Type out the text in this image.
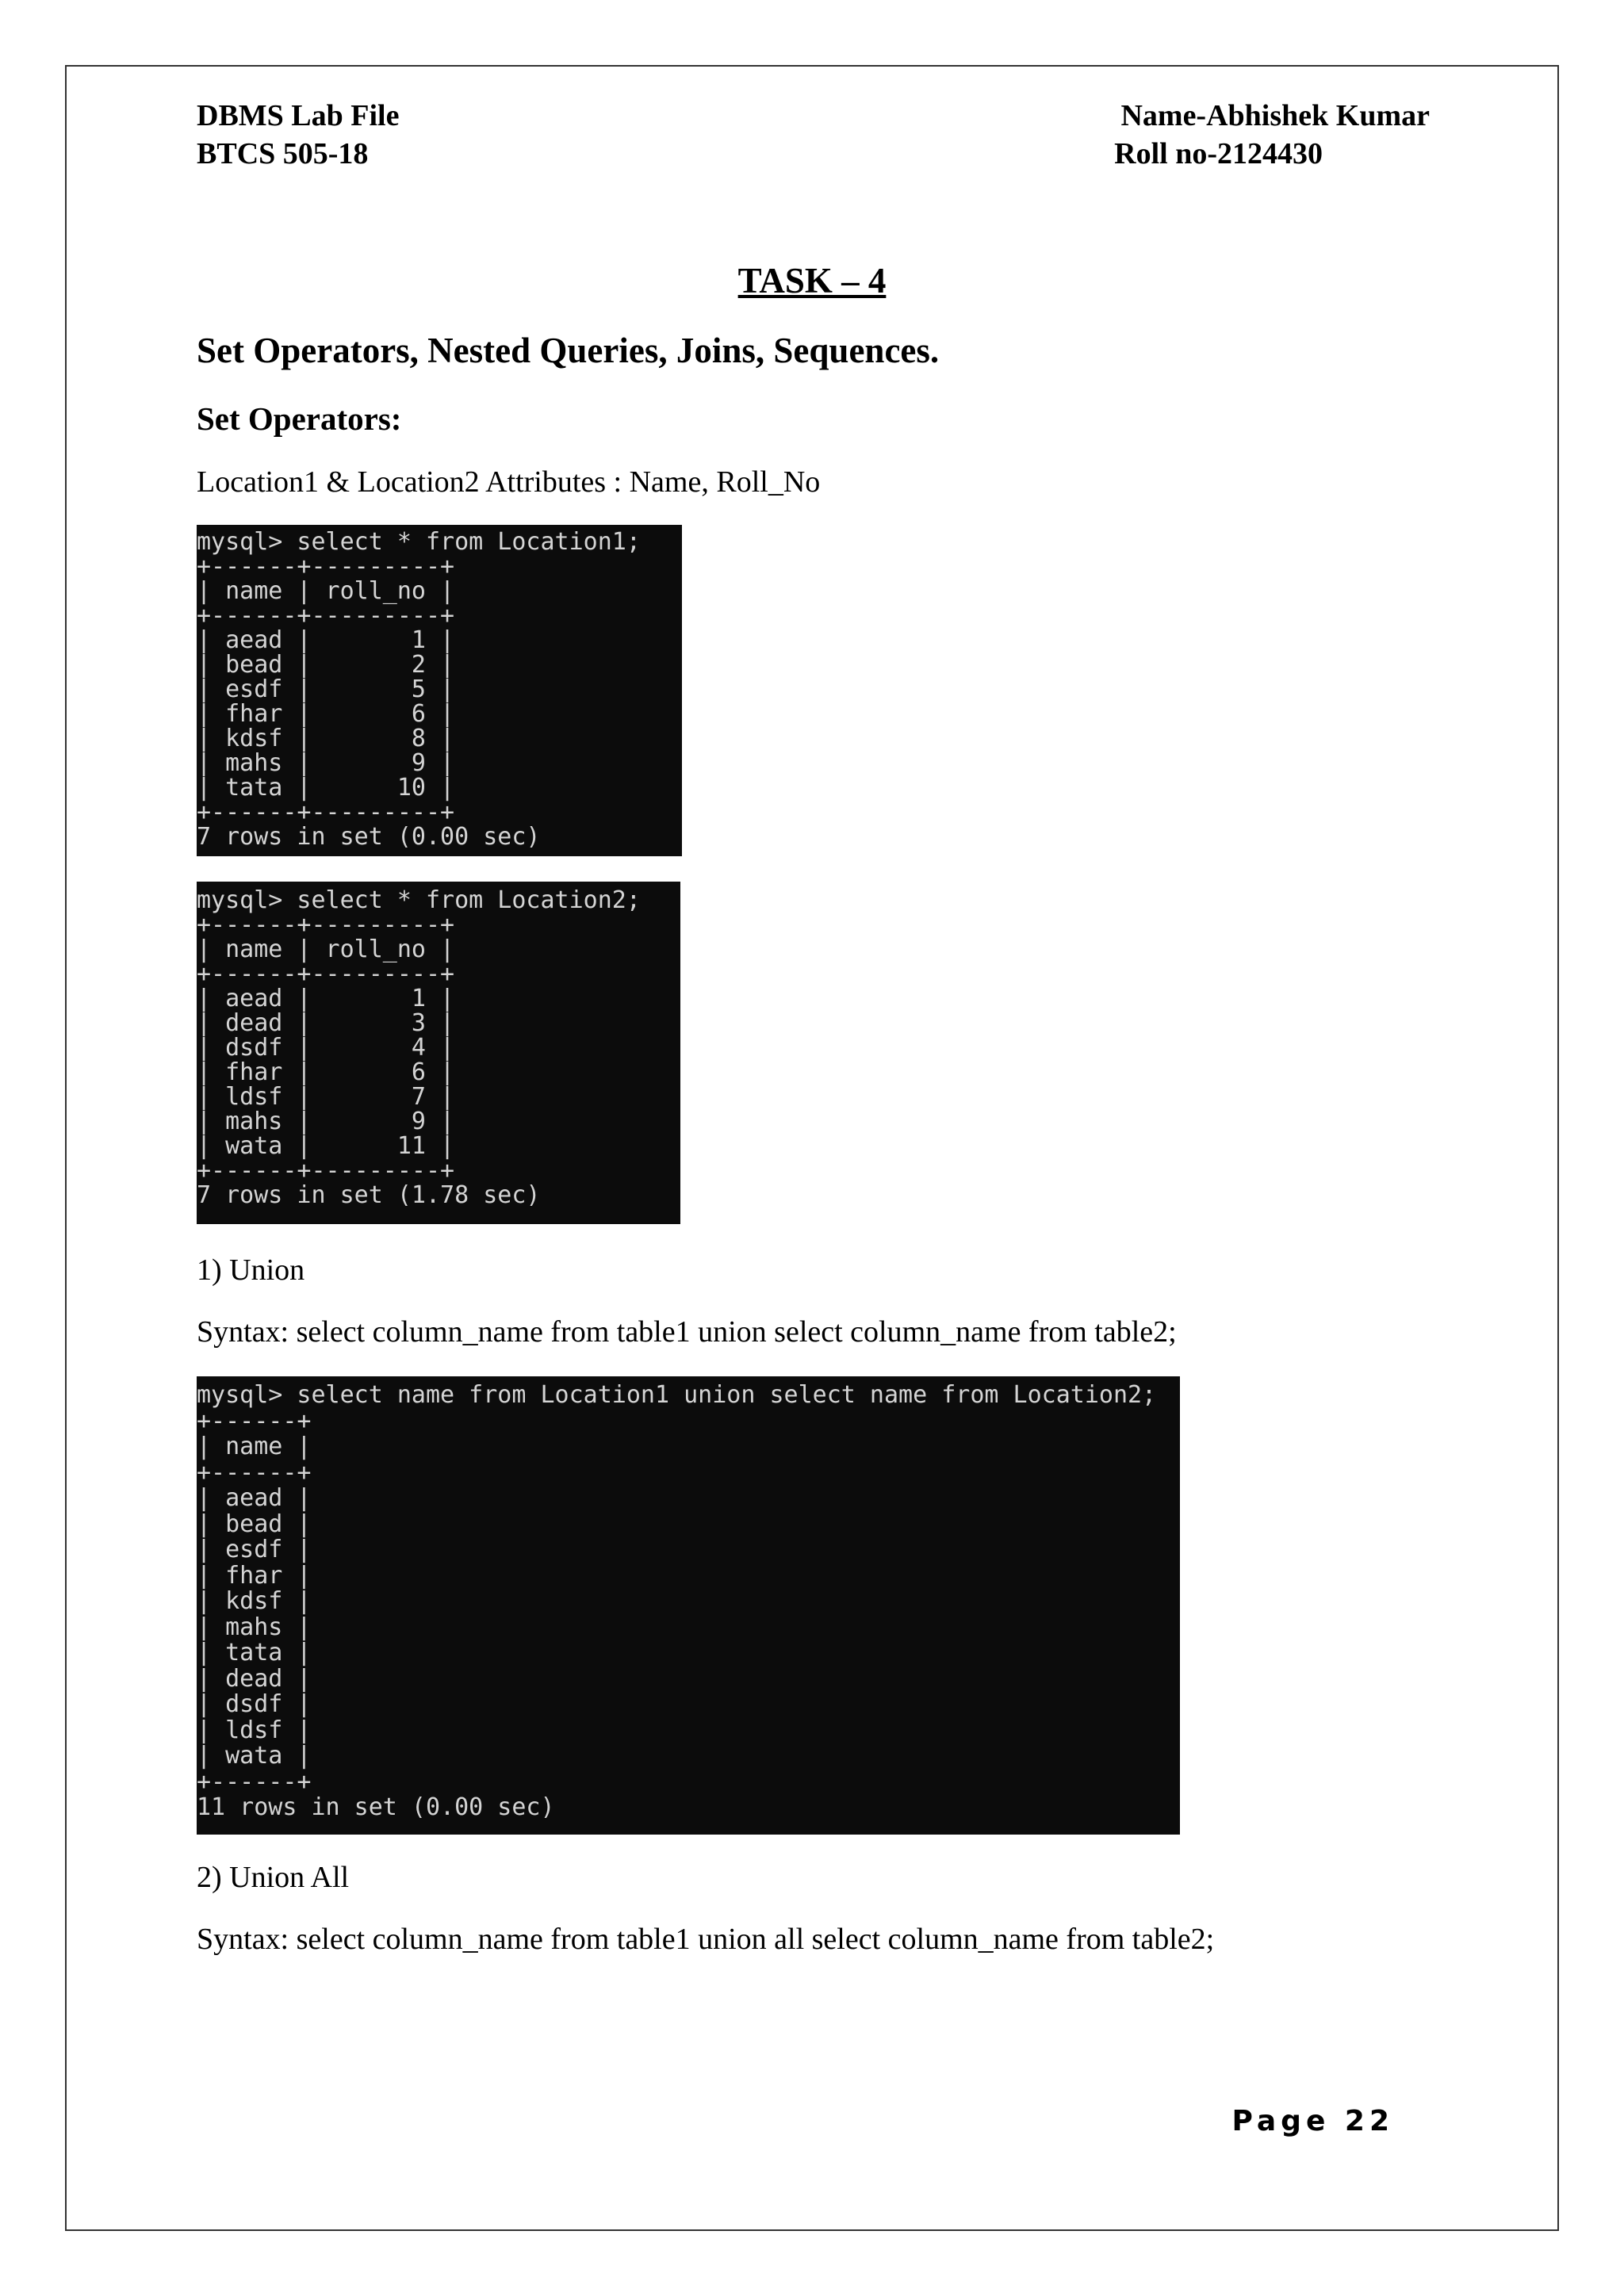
DBMS Lab File
BTCS 505-18
Name-Abhishek Kumar
Roll no-2124430
TASK – 4
Set Operators, Nested Queries, Joins, Sequences.
Set Operators:
Location1 & Location2 Attributes : Name, Roll_No
mysql> select * from Location1;
+------+---------+
| name | roll_no |
+------+---------+
| aead |       1 |
| bead |       2 |
| esdf |       5 |
| fhar |       6 |
| kdsf |       8 |
| mahs |       9 |
| tata |      10 |
+------+---------+
7 rows in set (0.00 sec)
mysql> select * from Location2;
+------+---------+
| name | roll_no |
+------+---------+
| aead |       1 |
| dead |       3 |
| dsdf |       4 |
| fhar |       6 |
| ldsf |       7 |
| mahs |       9 |
| wata |      11 |
+------+---------+
7 rows in set (1.78 sec)
1) Union
Syntax: select column_name from table1 union select column_name from table2;
mysql> select name from Location1 union select name from Location2;
+------+
| name |
+------+
| aead |
| bead |
| esdf |
| fhar |
| kdsf |
| mahs |
| tata |
| dead |
| dsdf |
| ldsf |
| wata |
+------+
11 rows in set (0.00 sec)
2) Union All
Syntax: select column_name from table1 union all select column_name from table2;
Page 22
